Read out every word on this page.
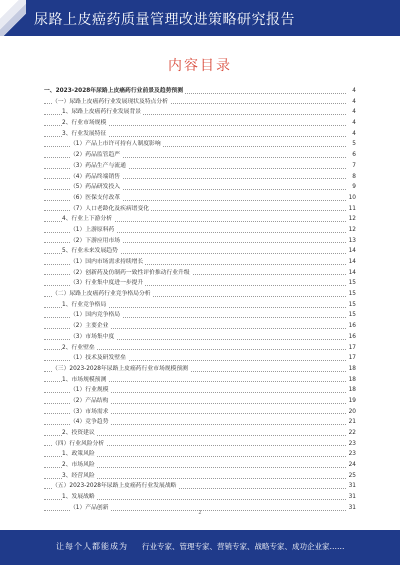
尿路上皮癌药质量管理改进策略研究报告
内容目录
一、2023-2028年尿路上皮癌药行业前景及趋势预测	4
（一）尿路上皮癌药行业发展现状及特点分析	4
1、尿路上皮癌药行业发展背景	4
2、行业市场规模	4
3、行业发展特征	4
（1）产品上市许可持有人制度影响	5
（2）药品监管趋严	6
（3）药品生产与流通	7
（4）药品终端销售	8
（5）药品研发投入	9
（6）医保支付改革	10
（7）人口老龄化及疾病谱变化	11
4、行业上下游分析	12
（1）上游原料药	12
（2）下游应用市场	13
5、行业未来发展趋势	14
（1）国内市场需求持续增长	14
（2）创新药及仿制药一致性评价推动行业升级	14
（3）行业集中度进一步提升	15
（二）尿路上皮癌药行业竞争格局分析	15
1、行业竞争格局	15
（1）国内竞争格局	15
（2）主要企业	16
（3）市场集中度	16
2、行业壁垒	17
（1）技术及研发壁垒	17
（三）2023-2028年尿路上皮癌药行业市场规模预测	18
1、市场规模预测	18
（1）行业规模	18
（2）产品结构	19
（3）市场需求	20
（4）竞争趋势	21
2、投资建议	22
（四）行业风险分析	23
1、政策风险	23
2、市场风险	24
3、经营风险	25
（五）2023-2028年尿路上皮癌药行业发展战略	31
1、发展战略	31
（1）产品创新	31
2
让每个人都能成为 行业专家、管理专家、营销专家、战略专家、成功企业家……
